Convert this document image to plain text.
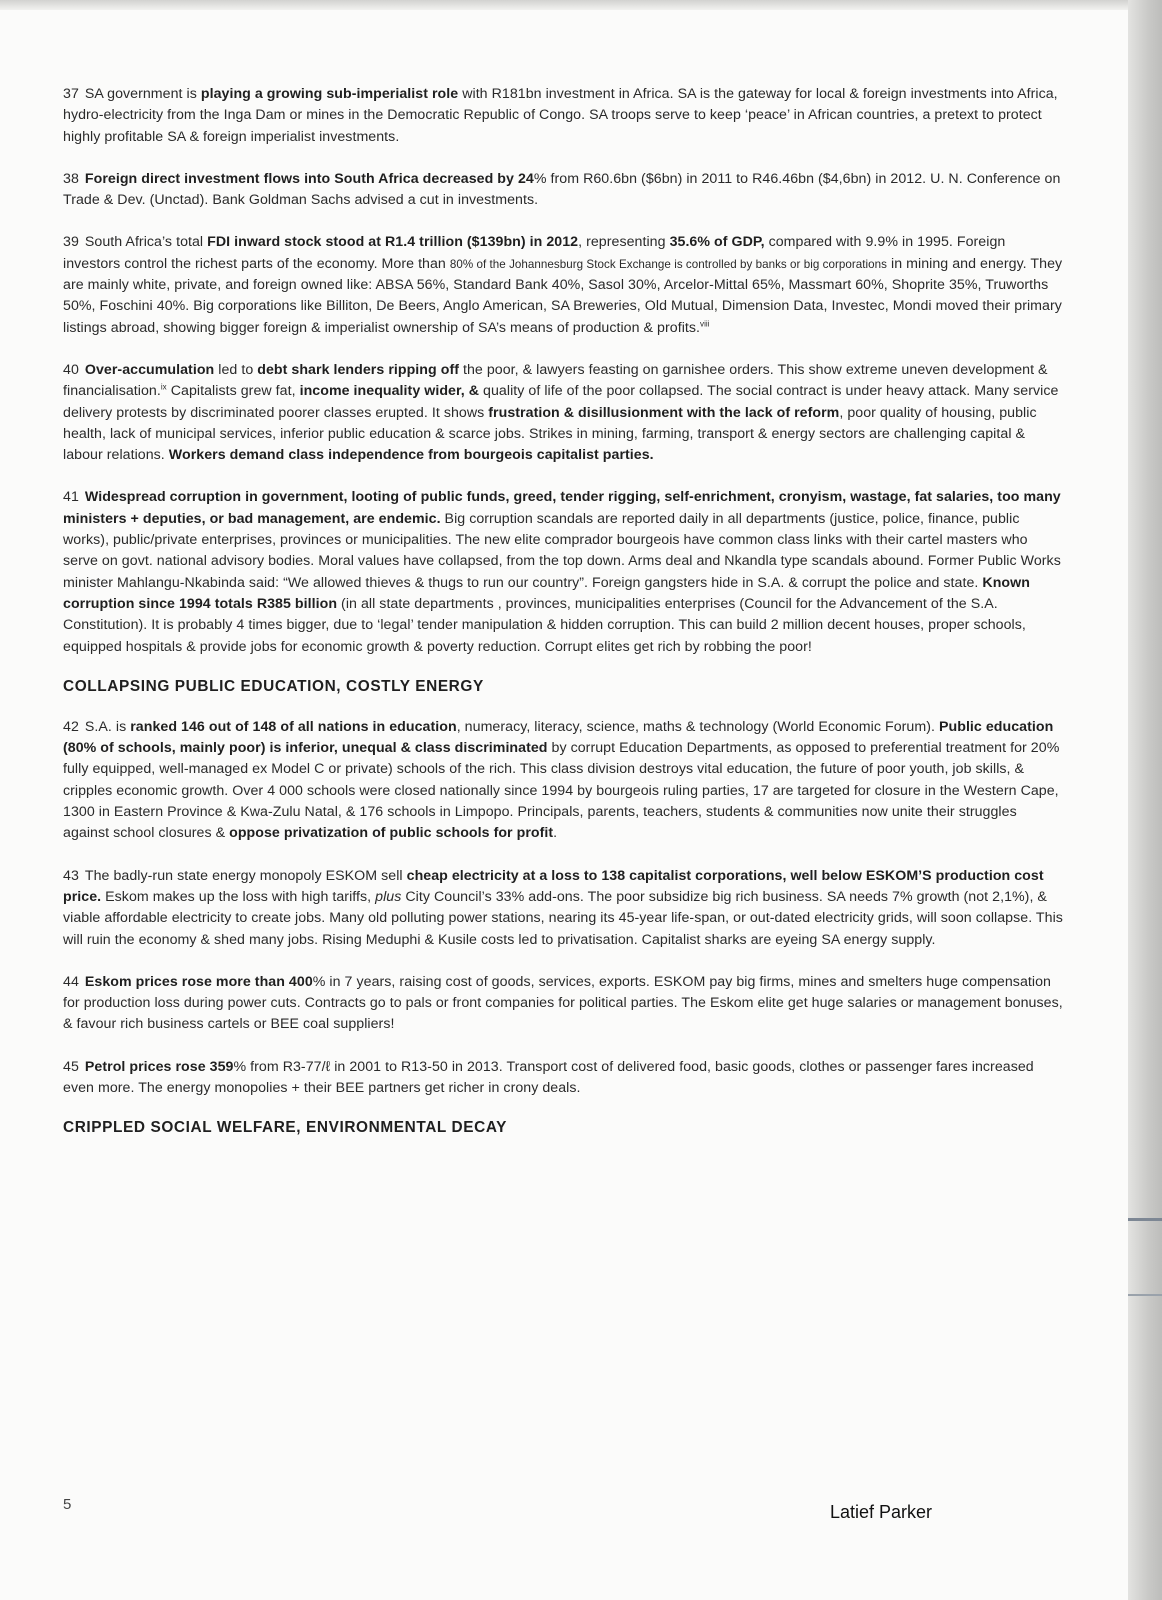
37 SA government is playing a growing sub-imperialist role with R181bn investment in Africa. SA is the gateway for local & foreign investments into Africa, hydro-electricity from the Inga Dam or mines in the Democratic Republic of Congo. SA troops serve to keep ‘peace’ in African countries, a pretext to protect highly profitable SA & foreign imperialist investments.

38 Foreign direct investment flows into South Africa decreased by 24% from R60.6bn ($6bn) in 2011 to R46.46bn ($4,6bn) in 2012. U. N. Conference on Trade & Dev. (Unctad). Bank Goldman Sachs advised a cut in investments.

39 South Africa’s total FDI inward stock stood at R1.4 trillion ($139bn) in 2012, representing 35.6% of GDP, compared with 9.9% in 1995. Foreign investors control the richest parts of the economy. More than 80% of the Johannesburg Stock Exchange is controlled by banks or big corporations in mining and energy. They are mainly white, private, and foreign owned like: ABSA 56%, Standard Bank 40%, Sasol 30%, Arcelor-Mittal 65%, Massmart 60%, Shoprite 35%, Truworths 50%, Foschini 40%. Big corporations like Billiton, De Beers, Anglo American, SA Breweries, Old Mutual, Dimension Data, Investec, Mondi moved their primary listings abroad, showing bigger foreign & imperialist ownership of SA’s means of production & profits.$^{viii}$

40 Over-accumulation led to debt shark lenders ripping off the poor, & lawyers feasting on garnishee orders. This show extreme uneven development & financialisation.$^{ix}$ Capitalists grew fat, income inequality wider, & quality of life of the poor collapsed. The social contract is under heavy attack. Many service delivery protests by discriminated poorer classes erupted. It shows frustration & disillusionment with the lack of reform, poor quality of housing, public health, lack of municipal services, inferior public education & scarce jobs. Strikes in mining, farming, transport & energy sectors are challenging capital & labour relations. Workers demand class independence from bourgeois capitalist parties.

41 Widespread corruption in government, looting of public funds, greed, tender rigging, self-enrichment, cronyism, wastage, fat salaries, too many ministers + deputies, or bad management, are endemic. Big corruption scandals are reported daily in all departments (justice, police, finance, public works), public/private enterprises, provinces or municipalities. The new elite comprador bourgeois have common class links with their cartel masters who serve on govt. national advisory bodies. Moral values have collapsed, from the top down. Arms deal and Nkandla type scandals abound. Former Public Works minister Mahlangu-Nkabinda said: “We allowed thieves & thugs to run our country”. Foreign gangsters hide in S.A. & corrupt the police and state. Known corruption since 1994 totals R385 billion (in all state departments , provinces, municipalities enterprises (Council for the Advancement of the S.A. Constitution). It is probably 4 times bigger, due to ‘legal’ tender manipulation & hidden corruption. This can build 2 million decent houses, proper schools, equipped hospitals & provide jobs for economic growth & poverty reduction. Corrupt elites get rich by robbing the poor!

COLLAPSING PUBLIC EDUCATION, COSTLY ENERGY

42 S.A. is ranked 146 out of 148 of all nations in education, numeracy, literacy, science, maths & technology (World Economic Forum). Public education (80% of schools, mainly poor) is inferior, unequal & class discriminated by corrupt Education Departments, as opposed to preferential treatment for 20% fully equipped, well-managed ex Model C or private) schools of the rich. This class division destroys vital education, the future of poor youth, job skills, & cripples economic growth. Over 4 000 schools were closed nationally since 1994 by bourgeois ruling parties, 17 are targeted for closure in the Western Cape, 1300 in Eastern Province & Kwa-Zulu Natal, & 176 schools in Limpopo. Principals, parents, teachers, students & communities now unite their struggles against school closures & oppose privatization of public schools for profit.

43 The badly-run state energy monopoly ESKOM sell cheap electricity at a loss to 138 capitalist corporations, well below ESKOM’S production cost price. Eskom makes up the loss with high tariffs, plus City Council’s 33% add-ons. The poor subsidize big rich business. SA needs 7% growth (not 2,1%), & viable affordable electricity to create jobs. Many old polluting power stations, nearing its 45-year life-span, or out-dated electricity grids, will soon collapse. This will ruin the economy & shed many jobs. Rising Meduphi & Kusile costs led to privatisation. Capitalist sharks are eyeing SA energy supply.

44 Eskom prices rose more than 400% in 7 years, raising cost of goods, services, exports. ESKOM pay big firms, mines and smelters huge compensation for production loss during power cuts. Contracts go to pals or front companies for political parties. The Eskom elite get huge salaries or management bonuses, & favour rich business cartels or BEE coal suppliers!

45 Petrol prices rose 359% from R3-77/ℓ in 2001 to R13-50 in 2013. Transport cost of delivered food, basic goods, clothes or passenger fares increased even more. The energy monopolies + their BEE partners get richer in crony deals.

CRIPPLED SOCIAL WELFARE, ENVIRONMENTAL DECAY
5	Latief Parker
